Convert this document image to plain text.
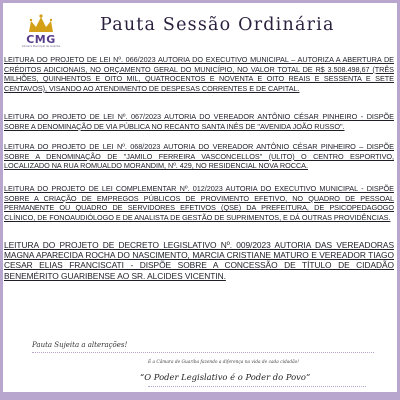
CMG
Câmara Municipal de Guaribe
Pauta Sessão Ordinária
LEITURA DO PROJETO DE LEI Nº. 066/2023 AUTORIA DO EXECUTIVO MUNICIPAL – AUTORIZA A ABERTURA DE CRÉDITOS ADICIONAIS, NO ORÇAMENTO GERAL DO MUNICÍPIO, NO VALOR TOTAL DE R$ 3.508.498,67 (TRÊS MILHÕES, QUINHENTOS E OITO MIL, QUATROCENTOS E NOVENTA E OITO REAIS E SESSENTA E SETE CENTAVOS), VISANDO AO ATENDIMENTO DE DESPESAS CORRENTES E DE CAPITAL.
LEITURA DO PROJETO DE LEI Nº. 067/2023 AUTORIA DO VEREADOR ANTÔNIO CÉSAR PINHEIRO - DISPÕE SOBRE A DENOMINAÇÃO DE VIA PÚBLICA NO RECANTO SANTA INÊS DE "AVENIDA JOÃO RUSSO".
LEITURA DO PROJETO DE LEI Nº. 068/2023 AUTORIA DO VEREADOR ANTÔNIO CÉSAR PINHEIRO – DISPÕE SOBRE A DENOMINAÇÃO DE "JAMILO FERREIRA VASCONCELLOS" (ULITO) O CENTRO ESPORTIVO, LOCALIZADO NA RUA ROMUALDO MORANDIM, Nº. 429, NO RESIDENCIAL NOVA ROCCA.
LEITURA DO PROJETO DE LEI COMPLEMENTAR Nº. 012/2023 AUTORIA DO EXECUTIVO MUNICIPAL - DISPÕE SOBRE A CRIAÇÃO DE EMPREGOS PÚBLICOS DE PROVIMENTO EFETIVO, NO QUADRO DE PESSOAL PERMANENTE OU QUADRO DE SERVIDORES EFETIVOS (QSE) DA PREFEITURA, DE PSICOPEDAGOGO CLÍNICO, DE FONOAUDIÓLOGO E DE ANALISTA DE GESTÃO DE SUPRIMENTOS, E DÁ OUTRAS PROVIDÊNCIAS.
LEITURA DO PROJETO DE DECRETO LEGISLATIVO Nº. 009/2023 AUTORIA DAS VEREADORAS MAGNA APARECIDA ROCHA DO NASCIMENTO, MARCIA CRISTIANE MATURO E VEREADOR TIAGO CESAR ELIAS FRANCISCATI - DISPÕE SOBRE A CONCESSÃO DE TÍTULO DE CIDADÃO BENEMÉRITO GUARIBENSE AO SR. ALCIDES VICENTIN.
Pauta Sujeita a alterações!
É a Câmara de Guariba fazendo a diferença na vida de cada cidadão!
“O Poder Legislativo é o Poder do Povo”
